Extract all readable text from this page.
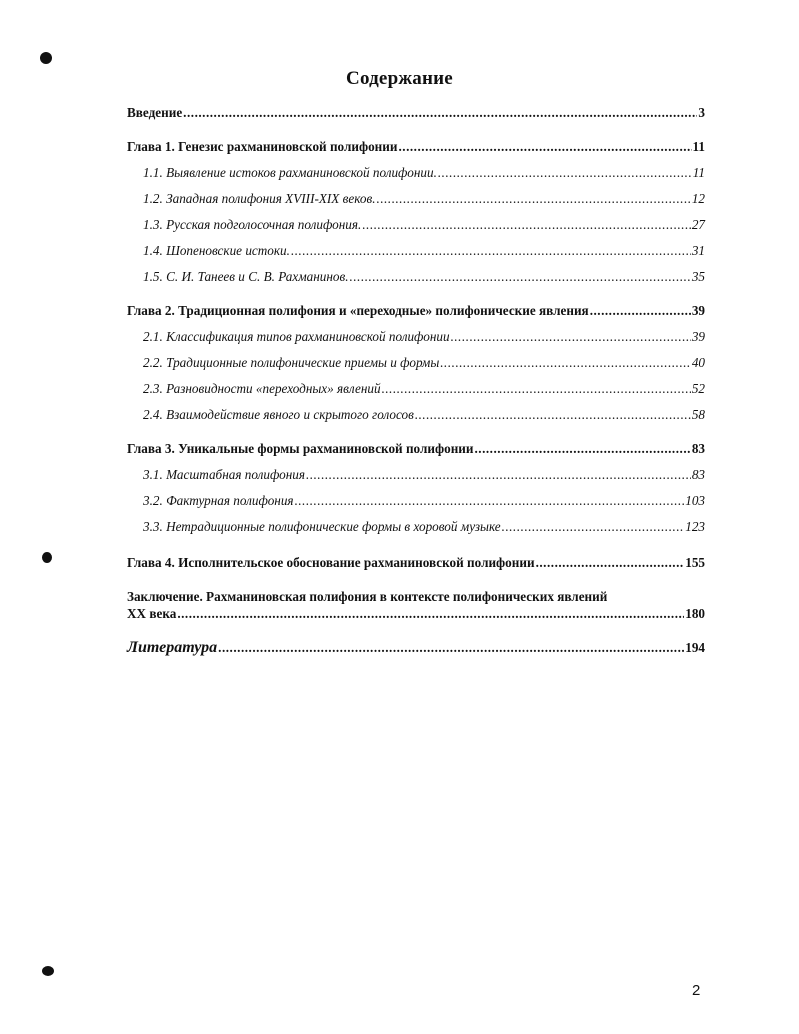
Содержание
Введение .....	3
Глава 1. Генезис рахманиновской полифонии .....	11
1.1. Выявление истоков рахманиновской полифонии. .....	11
1.2. Западная полифония XVIII-XIX веков. .....	12
1.3. Русская подголосочная полифония. .....	27
1.4. Шопеновские истоки. .....	31
1.5. С. И. Танеев и С. В. Рахманинов. .....	35
Глава 2. Традиционная полифония и «переходные» полифонические явления .....	39
2.1. Классификация типов рахманиновской полифонии .....	39
2.2. Традиционные полифонические приемы и формы .....	40
2.3. Разновидности «переходных» явлений .....	52
2.4. Взаимодействие явного и скрытого голосов .....	58
Глава 3. Уникальные формы рахманиновской полифонии .....	83
3.1. Масштабная полифония .....	83
3.2. Фактурная полифония .....	103
3.3. Нетрадиционные полифонические формы в хоровой музыке .....	123
Глава 4. Исполнительское обоснование рахманиновской полифонии .....	155
Заключение. Рахманиновская полифония в контексте полифонических явлений
XX века .....	180
Литература .....	194
2
